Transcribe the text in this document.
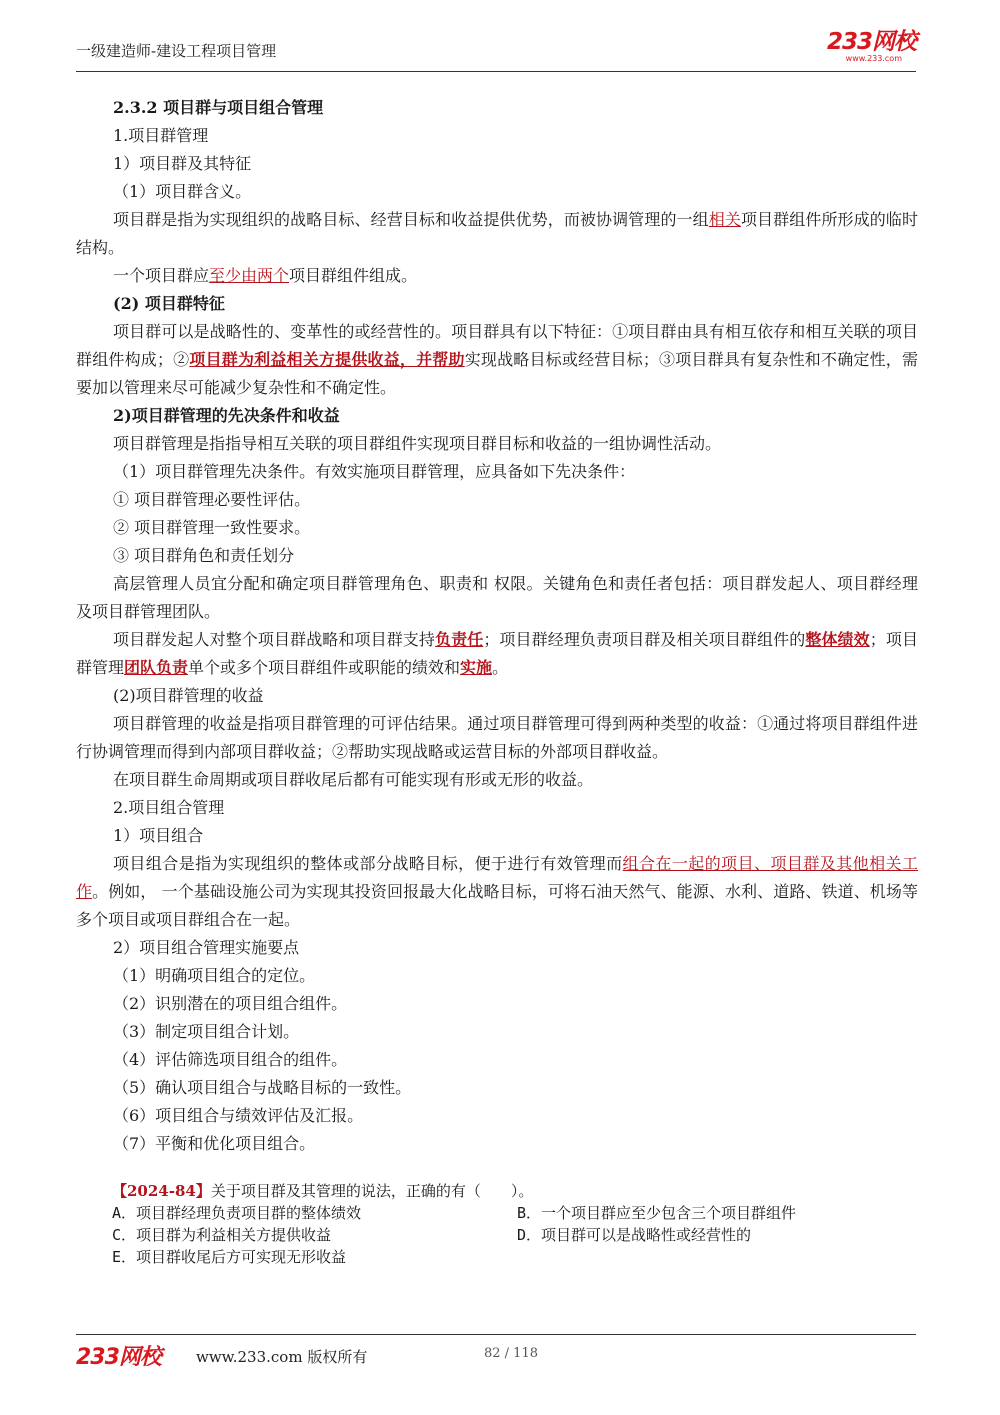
一级建造师-建设工程项目管理	233网校
www.233.com
2.3.2 项目群与项目组合管理
1.项目群管理
1）项目群及其特征
（1）项目群含义。
项目群是指为实现组织的战略目标、经营目标和收益提供优势，而被协调管理的一组相关项目群组件所形成的临时结构。
一个项目群应至少由两个项目群组件组成。
(2) 项目群特征
项目群可以是战略性的、变革性的或经营性的。项目群具有以下特征：①项目群由具有相互依存和相互关联的项目群组件构成；②项目群为利益相关方提供收益，并帮助实现战略目标或经营目标；③项目群具有复杂性和不确定性，需要加以管理来尽可能减少复杂性和不确定性。
2)项目群管理的先决条件和收益
项目群管理是指指导相互关联的项目群组件实现项目群目标和收益的一组协调性活动。
（1）项目群管理先决条件。有效实施项目群管理，应具备如下先决条件：
① 项目群管理必要性评估。
② 项目群管理一致性要求。
③ 项目群角色和责任划分
高层管理人员宜分配和确定项目群管理角色、职责和 权限。关键角色和责任者包括：项目群发起人、项目群经理及项目群管理团队。
项目群发起人对整个项目群战略和项目群支持负责任；项目群经理负责项目群及相关项目群组件的整体绩效；项目群管理团队负责单个或多个项目群组件或职能的绩效和实施。
(2)项目群管理的收益
项目群管理的收益是指项目群管理的可评估结果。通过项目群管理可得到两种类型的收益：①通过将项目群组件进行协调管理而得到内部项目群收益；②帮助实现战略或运营目标的外部项目群收益。
在项目群生命周期或项目群收尾后都有可能实现有形或无形的收益。
2.项目组合管理
1）项目组合
项目组合是指为实现组织的整体或部分战略目标，便于进行有效管理而组合在一起的项目、项目群及其他相关工作。例如， 一个基础设施公司为实现其投资回报最大化战略目标，可将石油天然气、能源、水利、道路、铁道、机场等多个项目或项目群组合在一起。
2）项目组合管理实施要点
（1）明确项目组合的定位。
（2）识别潜在的项目组合组件。
（3）制定项目组合计划。
（4）评估筛选项目组合的组件。
（5）确认项目组合与战略目标的一致性。
（6）项目组合与绩效评估及汇报。
（7）平衡和优化项目组合。
【2024-84】关于项目群及其管理的说法，正确的有（　　）。
A．项目群经理负责项目群的整体绩效	B．一个项目群应至少包含三个项目群组件
C．项目群为利益相关方提供收益	D．项目群可以是战略性或经营性的
E．项目群收尾后方可实现无形收益
233网校 www.233.com 版权所有	82 / 118
